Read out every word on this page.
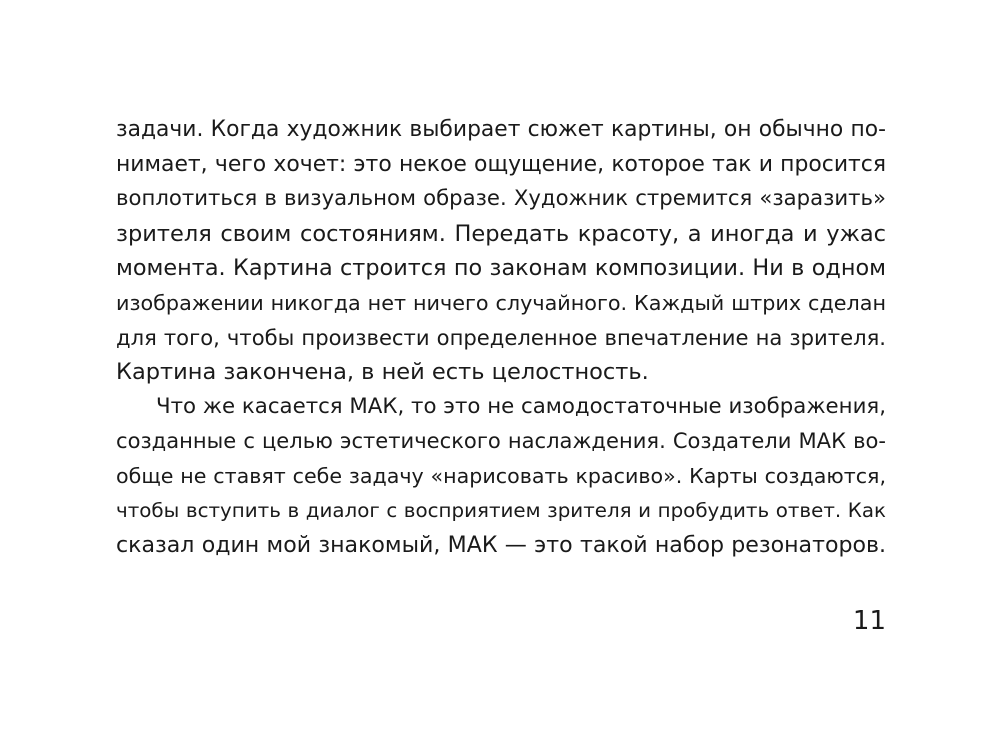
задачи. Когда художник выбирает сюжет картины, он обычно по-
нимает, чего хочет: это некое ощущение, которое так и просится
воплотиться в визуальном образе. Художник стремится «заразить»
зрителя своим состояниям. Передать красоту, а иногда и ужас
момента. Картина строится по законам композиции. Ни в одном
изображении никогда нет ничего случайного. Каждый штрих сделан
для того, чтобы произвести определенное впечатление на зрителя.
Картина закончена, в ней есть целостность.
Что же касается МАК, то это не самодостаточные изображения,
созданные с целью эстетического наслаждения. Создатели МАК во-
обще не ставят себе задачу «нарисовать красиво». Карты создаются,
чтобы вступить в диалог с восприятием зрителя и пробудить ответ. Как
сказал один мой знакомый, МАК — это такой набор резонаторов.
11
